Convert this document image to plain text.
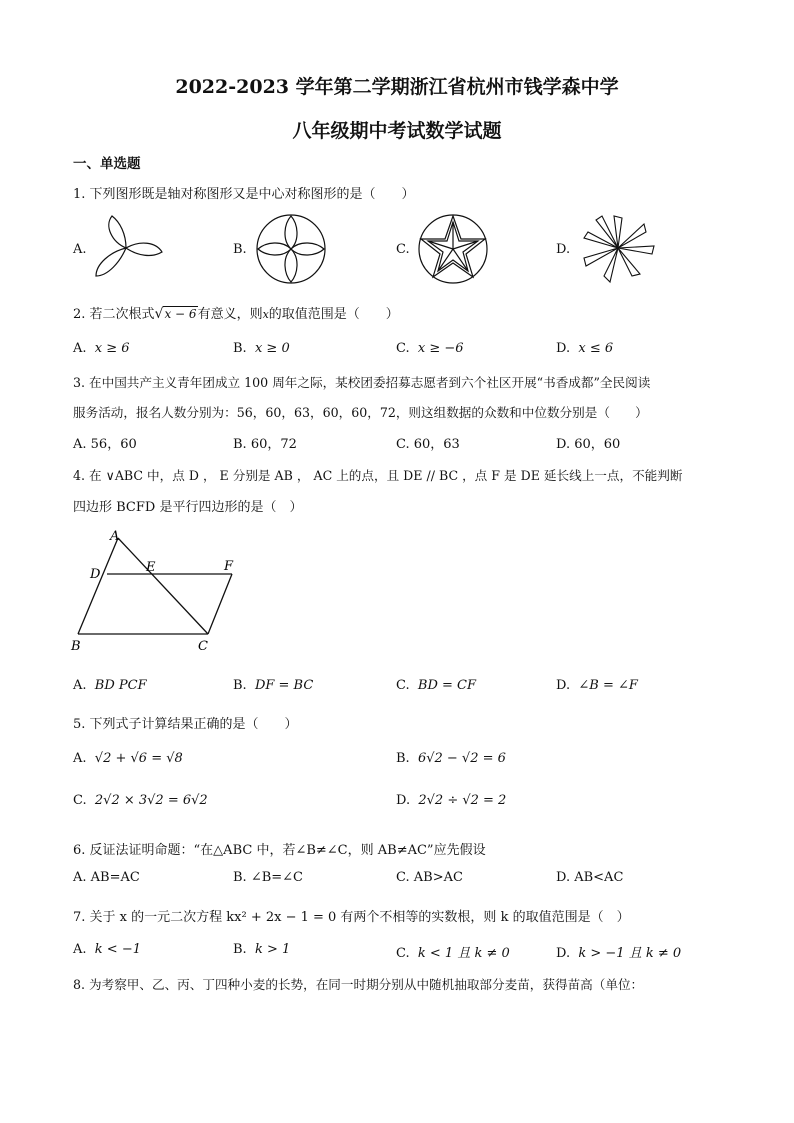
2022-2023 学年第二学期浙江省杭州市钱学森中学
八年级期中考试数学试题
一、单选题
1. 下列图形既是轴对称图形又是中心对称图形的是（　　）
A.	B.	C.	D.
2. 若二次根式√x − 6有意义，则x的取值范围是（　　）
A. x ≥ 6	B. x ≥ 0	C. x ≥ −6	D. x ≤ 6
3. 在中国共产主义青年团成立 100 周年之际，某校团委招募志愿者到六个社区开展“书香成都”全民阅读
服务活动，报名人数分别为：56，60，63，60，60，72，则这组数据的众数和中位数分别是（　　）
A. 56，60	B. 60，72	C. 60，63	D. 60，60
4. 在 ∨ABC 中，点 D ， E 分别是 AB ， AC 上的点，且 DE // BC ，点 F 是 DE 延长线上一点，不能判断
四边形 BCFD 是平行四边形的是（　）
A
D	E	F
B	C
A. BD PCF	B. DF = BC	C. BD = CF	D. ∠B = ∠F
5. 下列式子计算结果正确的是（　　）
A. √2 + √6 = √8	B. 6√2 − √2 = 6
C. 2√2 × 3√2 = 6√2	D. 2√2 ÷ √2 = 2
6. 反证法证明命题：“在△ABC 中，若∠B≠∠C，则 AB≠AC”应先假设
A. AB=AC	B. ∠B=∠C	C. AB>AC	D. AB<AC
7. 关于 x 的一元二次方程 kx² + 2x − 1 = 0 有两个不相等的实数根，则 k 的取值范围是（　）
A. k < −1	B. k > 1	C. k < 1 且 k ≠ 0	D. k > −1 且 k ≠ 0
8. 为考察甲、乙、丙、丁四种小麦的长势，在同一时期分别从中随机抽取部分麦苗，获得苗高（单位：
